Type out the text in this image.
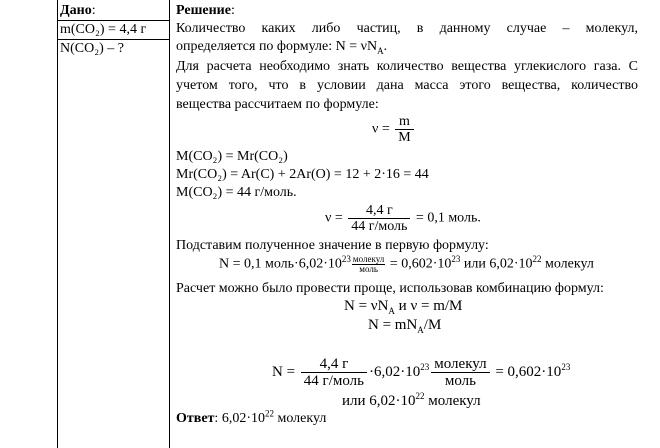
Дано:
m(CO₂) = 4,4 г
N(CO₂) – ?
Решение:
Количество каких либо частиц, в данному случае – молекул,
определяется по формуле: $N = \nu N_A$.
Для расчета необходимо знать количество вещества углекислого газа. С
учетом того, что в условии дана масса этого вещества, количество
вещества рассчитаем по формуле:
$\nu = \frac{m}{M}$
M(CO₂) = Mr(CO₂)
Mr(CO₂) = Ar(C) + 2Ar(O) = 12 + 2·16 = 44
M(CO₂) = 44 г/моль.
$\nu = \frac{4,4 г}{\text{44 г/моль}} = 0,1$ моль.
Подставим полученное значение в первую формулу:
N = 0,1 $моль\cdot 6,02\cdot 10^{23}$ молекул
моль = $0,602\cdot 10^{23}$ или $6,02\cdot 10^{22}$ молекул
Расчет можно было провести проще, использовав комбинацию формул:
$N = \nu N_A$ и ν = m/M
$N = mN_A/M$
N =	4,4 г
44 г/моль
$\cdot 6,02\cdot 10^{23}$ молекул
моль
= $0,602\cdot 10^{23}$
или $6,02\cdot 10^{22}$ молекул
Ответ: $6,02\cdot 10^{22}$ молекул
